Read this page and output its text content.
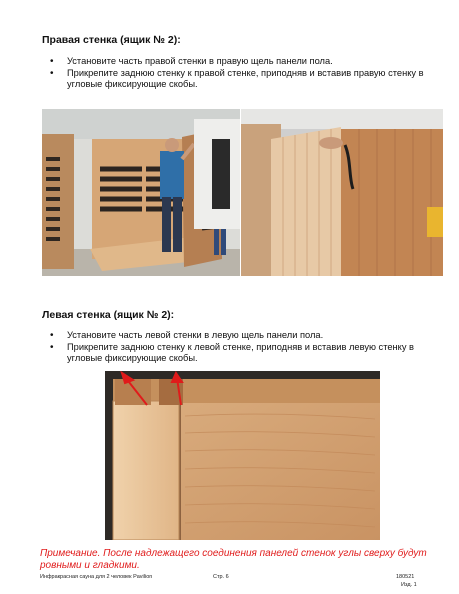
Правая стенка (ящик № 2):
• Установите часть правой стенки в правую щель панели пола.
• Прикрепите заднюю стенку к правой стенке, приподняв и вставив правую стенку в угловые фиксирующие скобы.
Левая стенка (ящик № 2):
• Установите часть левой стенки в левую щель панели пола.
• Прикрепите заднюю стенку к левой стенке, приподняв и вставив левую стенку в угловые фиксирующие скобы.
Примечание. После надлежащего соединения панелей стенок углы сверху будут ровными и гладкими.
Инфракрасная сауна для 2 человек Pavilion	Стр. 6	180521
Изд. 1
